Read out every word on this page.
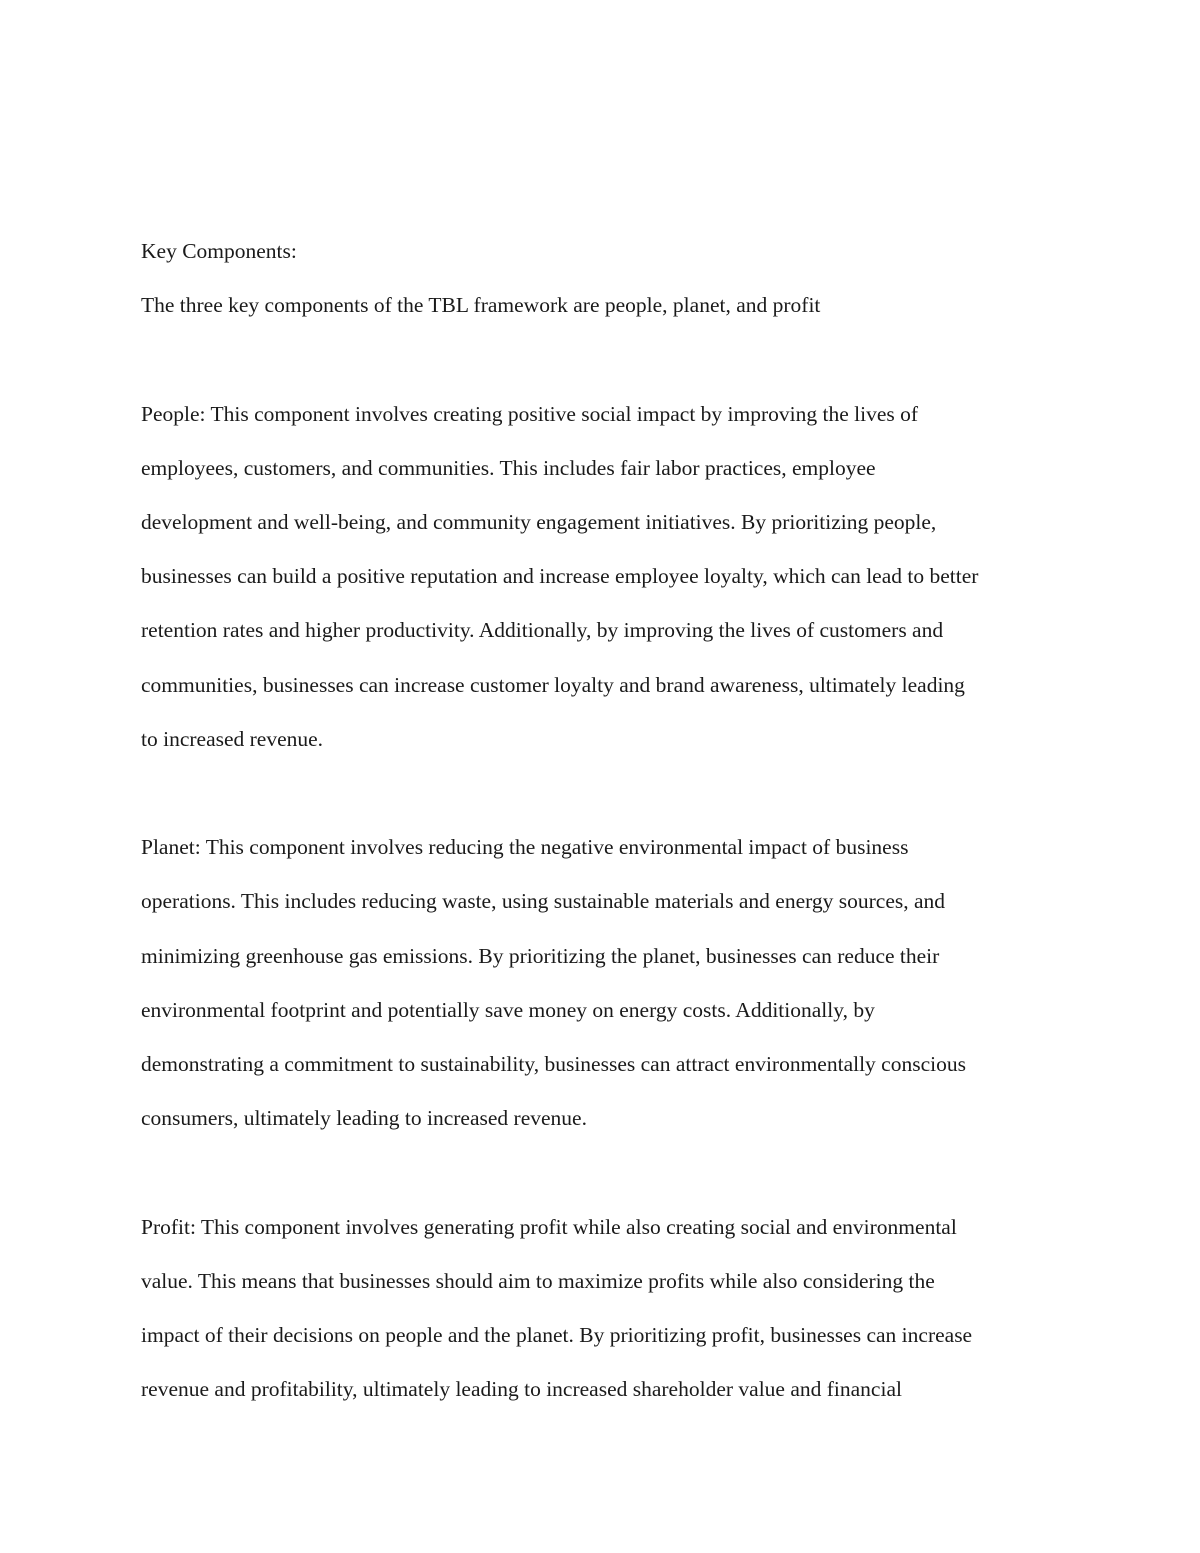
Key Components:
The three key components of the TBL framework are people, planet, and profit
People: This component involves creating positive social impact by improving the lives of
employees, customers, and communities. This includes fair labor practices, employee
development and well-being, and community engagement initiatives. By prioritizing people,
businesses can build a positive reputation and increase employee loyalty, which can lead to better
retention rates and higher productivity. Additionally, by improving the lives of customers and
communities, businesses can increase customer loyalty and brand awareness, ultimately leading
to increased revenue.
Planet: This component involves reducing the negative environmental impact of business
operations. This includes reducing waste, using sustainable materials and energy sources, and
minimizing greenhouse gas emissions. By prioritizing the planet, businesses can reduce their
environmental footprint and potentially save money on energy costs. Additionally, by
demonstrating a commitment to sustainability, businesses can attract environmentally conscious
consumers, ultimately leading to increased revenue.
Profit: This component involves generating profit while also creating social and environmental
value. This means that businesses should aim to maximize profits while also considering the
impact of their decisions on people and the planet. By prioritizing profit, businesses can increase
revenue and profitability, ultimately leading to increased shareholder value and financial
